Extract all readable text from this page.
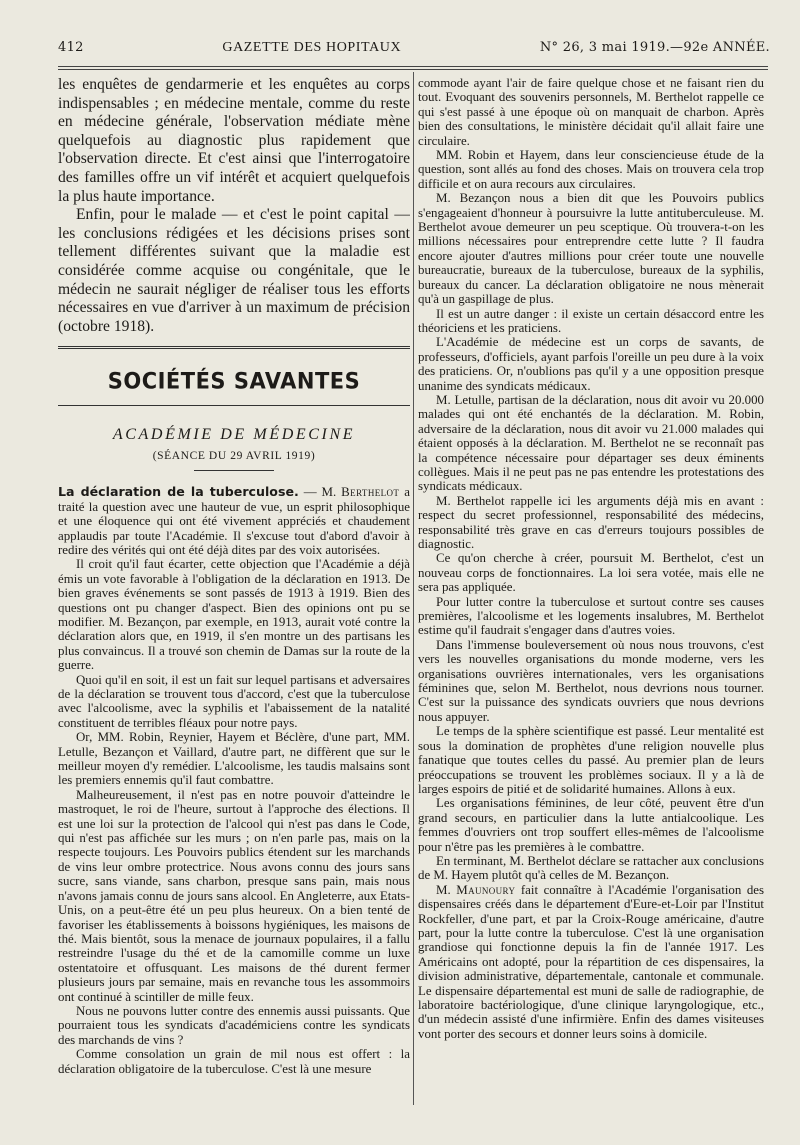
412	GAZETTE DES HOPITAUX	N° 26, 3 mai 1919.—92e ANNÉE.

les enquêtes de gendarmerie et les enquêtes au corps indispensables ; en médecine mentale, comme du reste en médecine générale, l'observation médiate mène quelquefois au diagnostic plus rapidement que l'observation directe. Et c'est ainsi que l'interrogatoire des familles offre un vif intérêt et acquiert quelquefois la plus haute importance.

Enfin, pour le malade — et c'est le point capital — les conclusions rédigées et les décisions prises sont tellement différentes suivant que la maladie est considérée comme acquise ou congénitale, que le médecin ne saurait négliger de réaliser tous les efforts nécessaires en vue d'arriver à un maximum de précision (octobre 1918).

SOCIÉTÉS SAVANTES
ACADÉMIE DE MÉDECINE
(SÉANCE DU 29 AVRIL 1919)

La déclaration de la tuberculose. — M. Berthelot a traité la question avec une hauteur de vue, un esprit philosophique et une éloquence qui ont été vivement appréciés et chaudement applaudis par toute l'Académie. Il s'excuse tout d'abord d'avoir à redire des vérités qui ont été déjà dites par des voix autorisées.

Il croit qu'il faut écarter, cette objection que l'Académie a déjà émis un vote favorable à l'obligation de la déclaration en 1913. De bien graves événements se sont passés de 1913 à 1919. Bien des questions ont pu changer d'aspect. Bien des opinions ont pu se modifier. M. Bezançon, par exemple, en 1913, aurait voté contre la déclaration alors que, en 1919, il s'en montre un des partisans les plus convaincus. Il a trouvé son chemin de Damas sur la route de la guerre.

Quoi qu'il en soit, il est un fait sur lequel partisans et adversaires de la déclaration se trouvent tous d'accord, c'est que la tuberculose avec l'alcoolisme, avec la syphilis et l'abaissement de la natalité constituent de terribles fléaux pour notre pays.

Or, MM. Robin, Reynier, Hayem et Béclère, d'une part, MM. Letulle, Bezançon et Vaillard, d'autre part, ne diffèrent que sur le meilleur moyen d'y remédier. L'alcoolisme, les taudis malsains sont les premiers ennemis qu'il faut combattre.

Malheureusement, il n'est pas en notre pouvoir d'atteindre le mastroquet, le roi de l'heure, surtout à l'approche des élections. Il est une loi sur la protection de l'alcool qui n'est pas dans le Code, qui n'est pas affichée sur les murs ; on n'en parle pas, mais on la respecte toujours. Les Pouvoirs publics étendent sur les marchands de vins leur ombre protectrice. Nous avons connu des jours sans sucre, sans viande, sans charbon, presque sans pain, mais nous n'avons jamais connu de jours sans alcool. En Angleterre, aux Etats-Unis, on a peut-être été un peu plus heureux. On a bien tenté de favoriser les établissements à boissons hygiéniques, les maisons de thé. Mais bientôt, sous la menace de journaux populaires, il a fallu restreindre l'usage du thé et de la camomille comme un luxe ostentatoire et offusquant. Les maisons de thé durent fermer plusieurs jours par semaine, mais en revanche tous les assommoirs ont continué à scintiller de mille feux.

Nous ne pouvons lutter contre des ennemis aussi puissants. Que pourraient tous les syndicats d'académiciens contre les syndicats des marchands de vins ?

Comme consolation un grain de mil nous est offert : la déclaration obligatoire de la tuberculose. C'est là une mesure

commode ayant l'air de faire quelque chose et ne faisant rien du tout. Evoquant des souvenirs personnels, M. Berthelot rappelle ce qui s'est passé à une époque où on manquait de charbon. Après bien des consultations, le ministère décidait qu'il allait faire une circulaire.

MM. Robin et Hayem, dans leur consciencieuse étude de la question, sont allés au fond des choses. Mais on trouvera cela trop difficile et on aura recours aux circulaires.

M. Bezançon nous a bien dit que les Pouvoirs publics s'engageaient d'honneur à poursuivre la lutte antituberculeuse. M. Berthelot avoue demeurer un peu sceptique. Où trouvera-t-on les millions nécessaires pour entreprendre cette lutte ? Il faudra encore ajouter d'autres millions pour créer toute une nouvelle bureaucratie, bureaux de la tuberculose, bureaux de la syphilis, bureaux du cancer. La déclaration obligatoire ne nous mènerait qu'à un gaspillage de plus.

Il est un autre danger : il existe un certain désaccord entre les théoriciens et les praticiens.

L'Académie de médecine est un corps de savants, de professeurs, d'officiels, ayant parfois l'oreille un peu dure à la voix des praticiens. Or, n'oublions pas qu'il y a une opposition presque unanime des syndicats médicaux.

M. Letulle, partisan de la déclaration, nous dit avoir vu 20.000 malades qui ont été enchantés de la déclaration. M. Robin, adversaire de la déclaration, nous dit avoir vu 21.000 malades qui étaient opposés à la déclaration. M. Berthelot ne se reconnaît pas la compétence nécessaire pour départager ses deux éminents collègues. Mais il ne peut pas ne pas entendre les protestations des syndicats médicaux.

M. Berthelot rappelle ici les arguments déjà mis en avant : respect du secret professionnel, responsabilité des médecins, responsabilité très grave en cas d'erreurs toujours possibles de diagnostic.

Ce qu'on cherche à créer, poursuit M. Berthelot, c'est un nouveau corps de fonctionnaires. La loi sera votée, mais elle ne sera pas appliquée.

Pour lutter contre la tuberculose et surtout contre ses causes premières, l'alcoolisme et les logements insalubres, M. Berthelot estime qu'il faudrait s'engager dans d'autres voies.

Dans l'immense bouleversement où nous nous trouvons, c'est vers les nouvelles organisations du monde moderne, vers les organisations ouvrières internationales, vers les organisations féminines que, selon M. Berthelot, nous devrions nous tourner. C'est sur la puissance des syndicats ouvriers que nous devrions nous appuyer.

Le temps de la sphère scientifique est passé. Leur mentalité est sous la domination de prophètes d'une religion nouvelle plus fanatique que toutes celles du passé. Au premier plan de leurs préoccupations se trouvent les problèmes sociaux. Il y a là de larges espoirs de pitié et de solidarité humaines. Allons à eux.

Les organisations féminines, de leur côté, peuvent être d'un grand secours, en particulier dans la lutte antialcoolique. Les femmes d'ouvriers ont trop souffert elles-mêmes de l'alcoolisme pour n'être pas les premières à le combattre.

En terminant, M. Berthelot déclare se rattacher aux conclusions de M. Hayem plutôt qu'à celles de M. Bezançon.

M. Maunoury fait connaître à l'Académie l'organisation des dispensaires créés dans le département d'Eure-et-Loir par l'Institut Rockfeller, d'une part, et par la Croix-Rouge américaine, d'autre part, pour la lutte contre la tuberculose. C'est là une organisation grandiose qui fonctionne depuis la fin de l'année 1917. Les Américains ont adopté, pour la répartition de ces dispensaires, la division administrative, départementale, cantonale et communale. Le dispensaire départemental est muni de salle de radiographie, de laboratoire bactériologique, d'une clinique laryngologique, etc., d'un médecin assisté d'une infirmière. Enfin des dames visiteuses vont porter des secours et donner leurs soins à domicile.
